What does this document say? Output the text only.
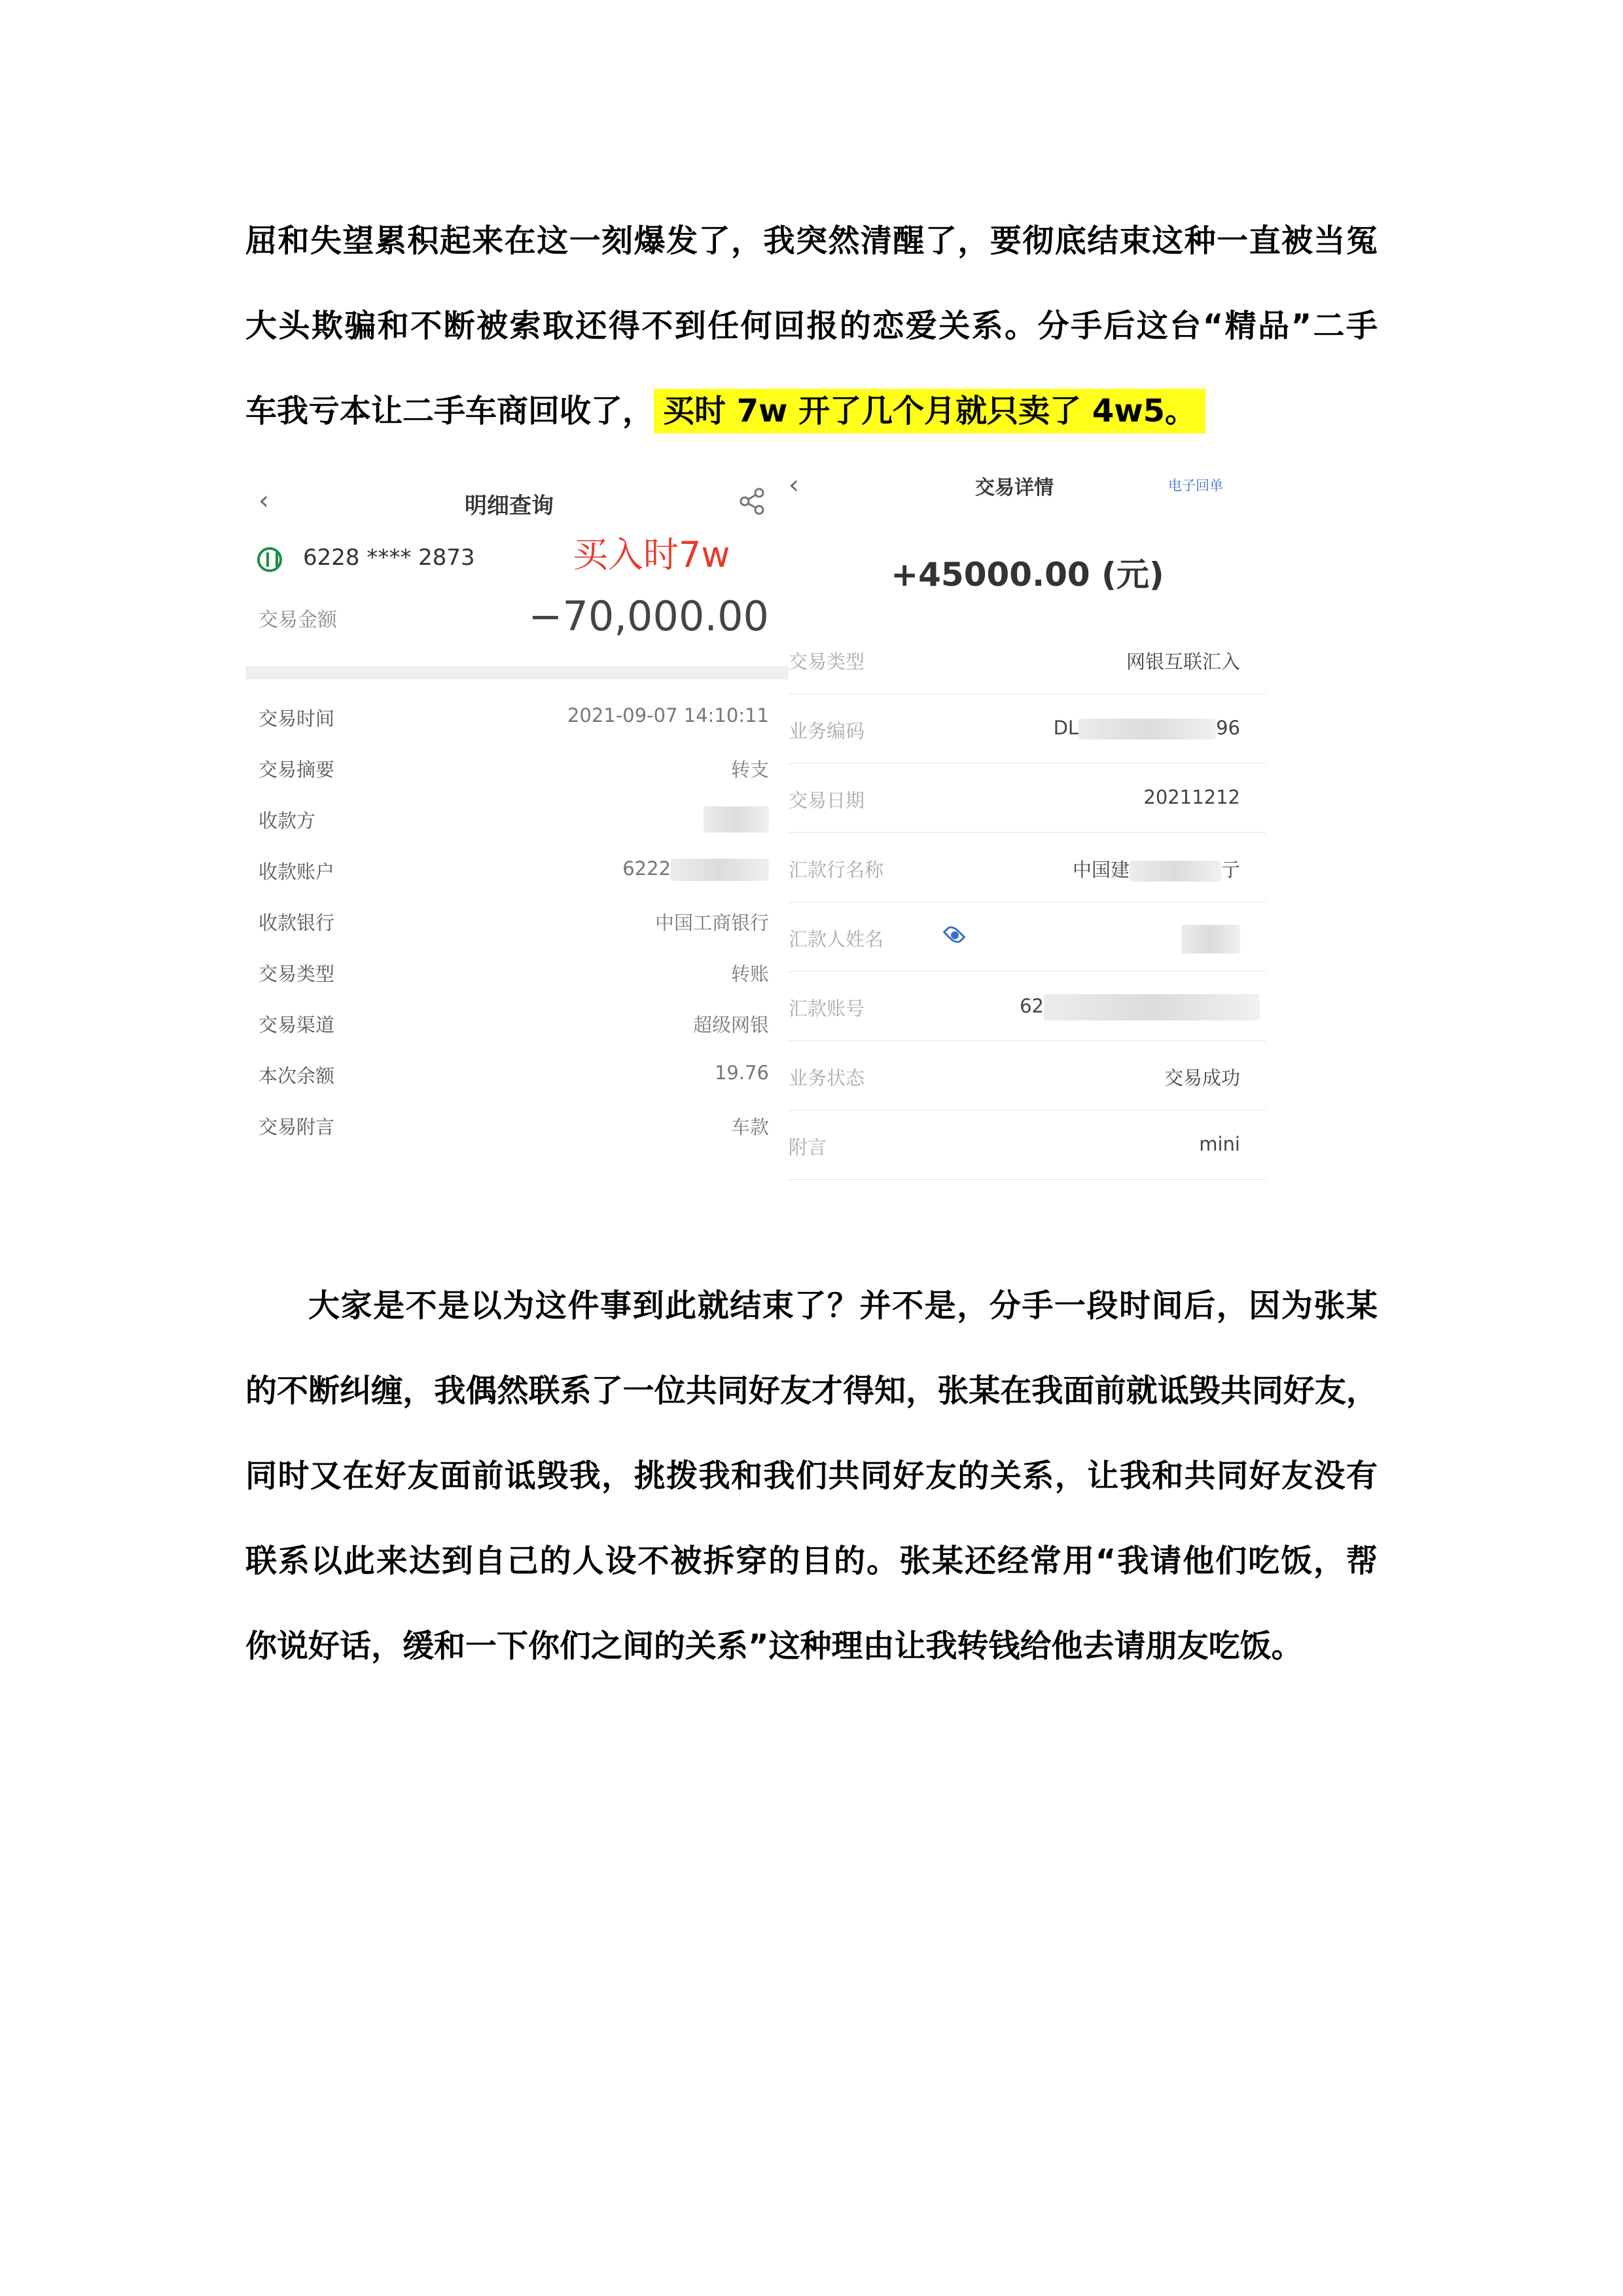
屈和失望累积起来在这一刻爆发了，我突然清醒了，要彻底结束这种一直被当冤
大头欺骗和不断被索取还得不到任何回报的恋爱关系。分手后这台“精品”二手
车我亏本让二手车商回收了， 买时 7w 开了几个月就只卖了 4w5。
‹	明细查询
6228 **** 2873	买入时7w
交易金额	−70,000.00
交易时间	2021-09-07 14:10:11
交易摘要	转支
收款方
收款账户	6222
收款银行	中国工商银行
交易类型	转账
交易渠道	超级网银
本次余额	19.76
交易附言	车款
‹	交易详情	电子回单
+45000.00 (元)
交易类型	网银互联汇入
业务编码	DL	96
交易日期	20211212
汇款行名称	中国建	亍
汇款人姓名
汇款账号	62
业务状态	交易成功
附言	mini
大家是不是以为这件事到此就结束了？并不是，分手一段时间后，因为张某
的不断纠缠，我偶然联系了一位共同好友才得知，张某在我面前就诋毁共同好友，
同时又在好友面前诋毁我，挑拨我和我们共同好友的关系，让我和共同好友没有
联系以此来达到自己的人设不被拆穿的目的。张某还经常用“我请他们吃饭，帮
你说好话，缓和一下你们之间的关系”这种理由让我转钱给他去请朋友吃饭。
